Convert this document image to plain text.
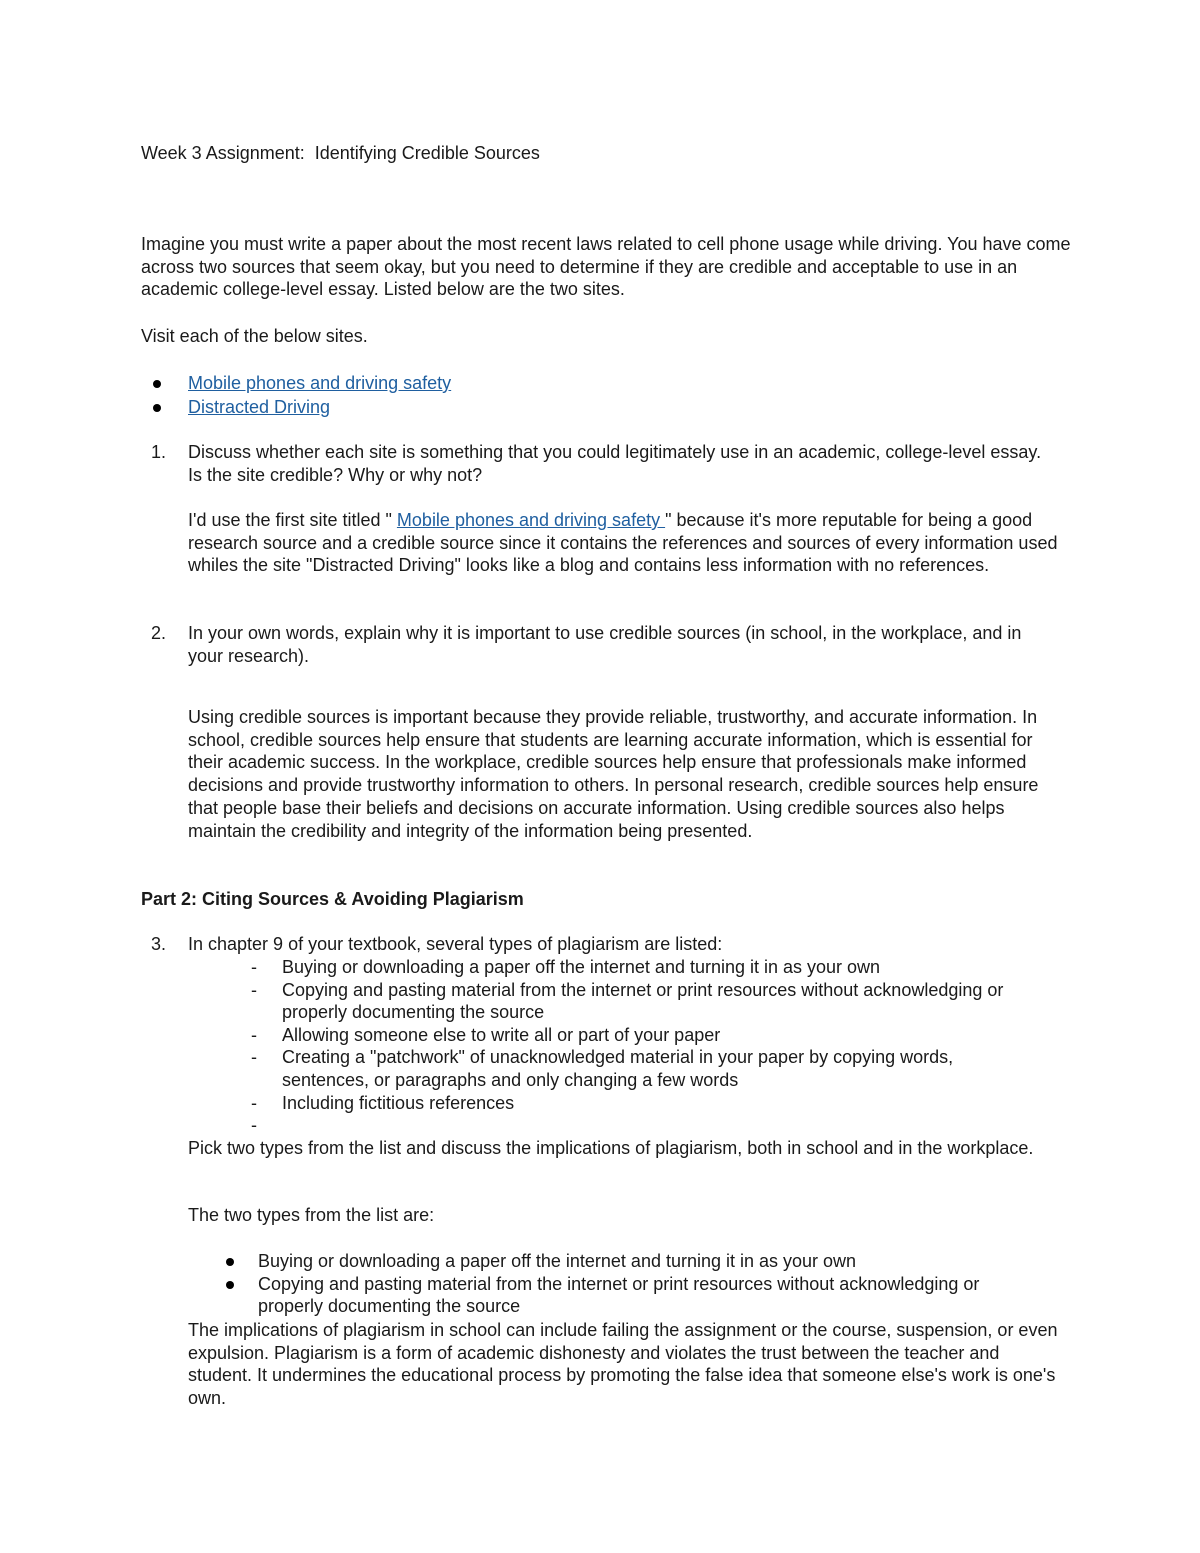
Week 3 Assignment:  Identifying Credible Sources
Imagine you must write a paper about the most recent laws related to cell phone usage while driving. You have come across two sources that seem okay, but you need to determine if they are credible and acceptable to use in an academic college-level essay. Listed below are the two sites.
Visit each of the below sites.
Mobile phones and driving safety
Distracted Driving
1. Discuss whether each site is something that you could legitimately use in an academic, college-level essay. Is the site credible? Why or why not?
I'd use the first site titled " Mobile phones and driving safety " because it's more reputable for being a good research source and a credible source since it contains the references and sources of every information used whiles the site "Distracted Driving" looks like a blog and contains less information with no references.
2. In your own words, explain why it is important to use credible sources (in school, in the workplace, and in your research).
Using credible sources is important because they provide reliable, trustworthy, and accurate information. In school, credible sources help ensure that students are learning accurate information, which is essential for their academic success. In the workplace, credible sources help ensure that professionals make informed decisions and provide trustworthy information to others. In personal research, credible sources help ensure that people base their beliefs and decisions on accurate information. Using credible sources also helps maintain the credibility and integrity of the information being presented.
Part 2: Citing Sources & Avoiding Plagiarism
3. In chapter 9 of your textbook, several types of plagiarism are listed:
- Buying or downloading a paper off the internet and turning it in as your own
- Copying and pasting material from the internet or print resources without acknowledging or properly documenting the source
- Allowing someone else to write all or part of your paper
- Creating a "patchwork" of unacknowledged material in your paper by copying words, sentences, or paragraphs and only changing a few words
- Including fictitious references
-

Pick two types from the list and discuss the implications of plagiarism, both in school and in the workplace.
The two types from the list are:
Buying or downloading a paper off the internet and turning it in as your own
Copying and pasting material from the internet or print resources without acknowledging or properly documenting the source
The implications of plagiarism in school can include failing the assignment or the course, suspension, or even expulsion. Plagiarism is a form of academic dishonesty and violates the trust between the teacher and student. It undermines the educational process by promoting the false idea that someone else's work is one's own.
